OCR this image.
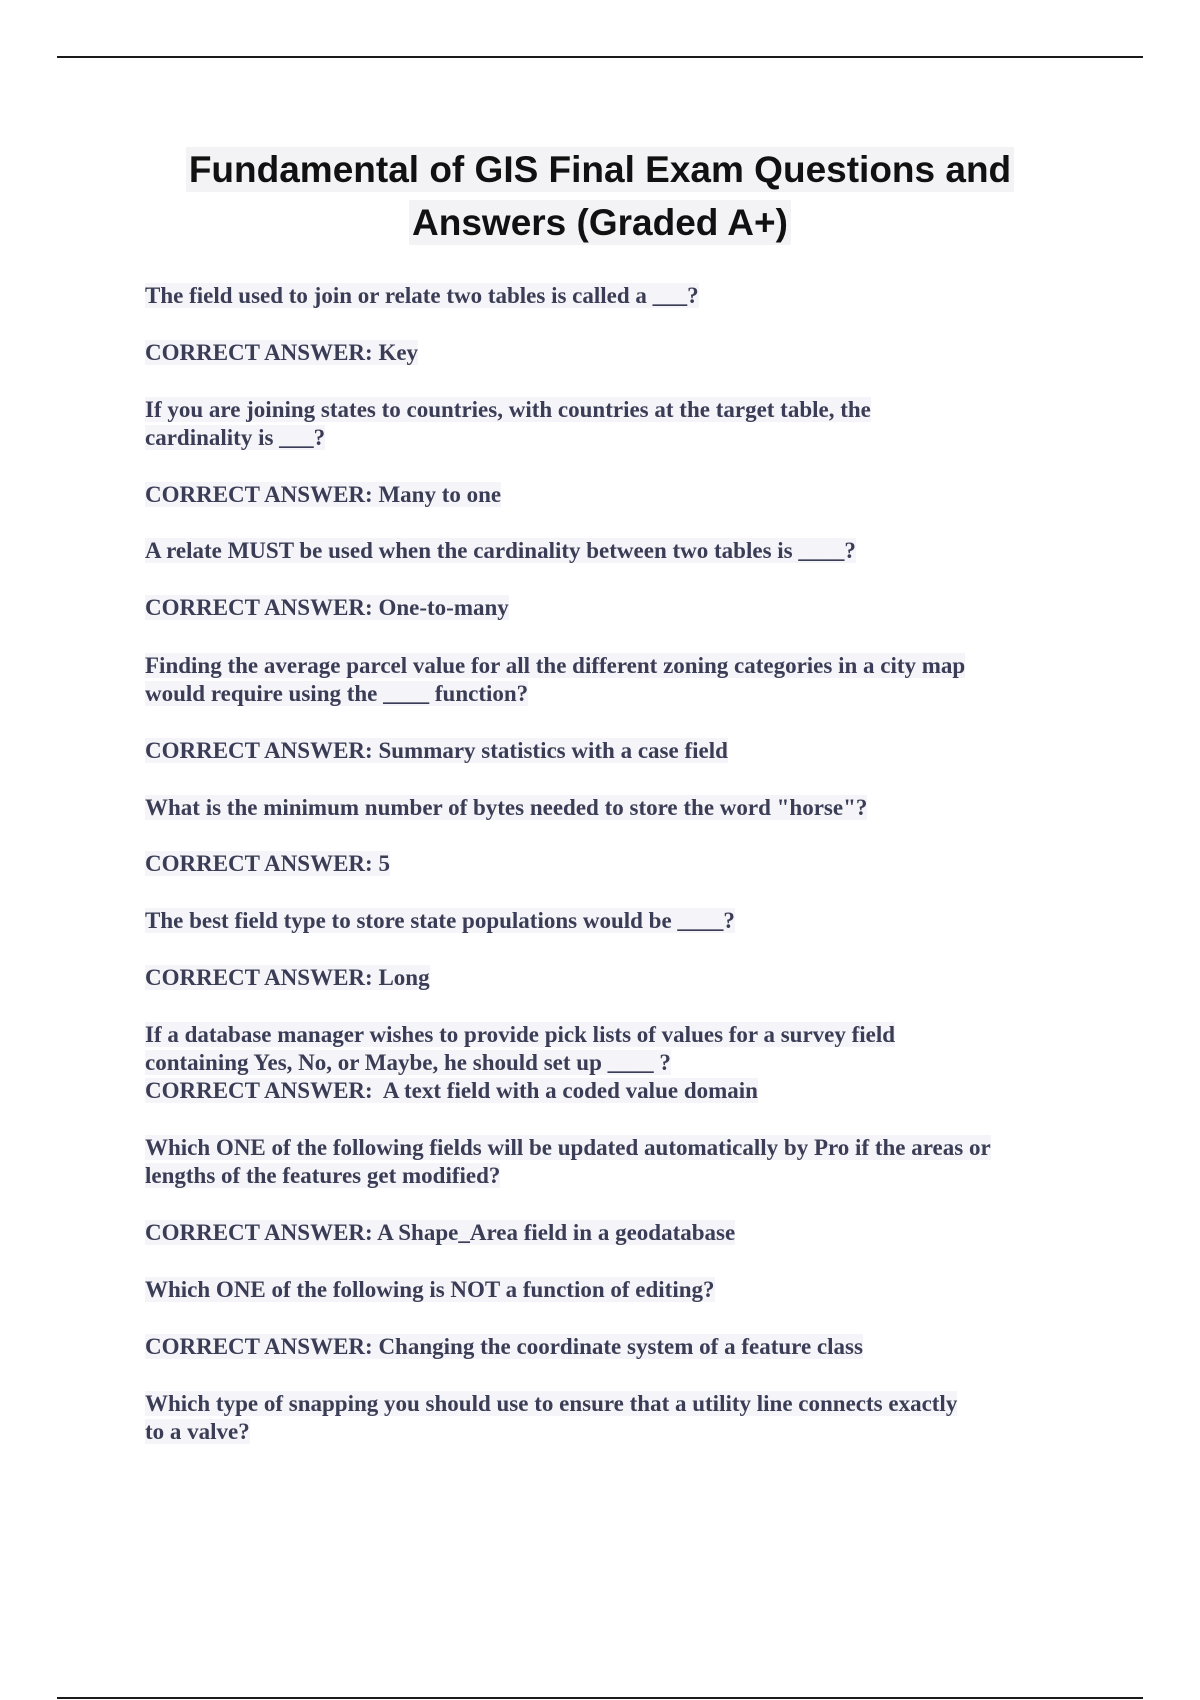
Fundamental of GIS Final Exam Questions and
Answers (Graded A+)

The field used to join or relate two tables is called a ___?

CORRECT ANSWER: Key

If you are joining states to countries, with countries at the target table, the
cardinality is ___?

CORRECT ANSWER: Many to one

A relate MUST be used when the cardinality between two tables is ____?

CORRECT ANSWER: One-to-many

Finding the average parcel value for all the different zoning categories in a city map
would require using the ____ function?

CORRECT ANSWER: Summary statistics with a case field

What is the minimum number of bytes needed to store the word "horse"?

CORRECT ANSWER: 5

The best field type to store state populations would be ____?

CORRECT ANSWER: Long

If a database manager wishes to provide pick lists of values for a survey field
containing Yes, No, or Maybe, he should set up ____ ?
CORRECT ANSWER:  A text field with a coded value domain

Which ONE of the following fields will be updated automatically by Pro if the areas or
lengths of the features get modified?

CORRECT ANSWER: A Shape_Area field in a geodatabase

Which ONE of the following is NOT a function of editing?

CORRECT ANSWER: Changing the coordinate system of a feature class

Which type of snapping you should use to ensure that a utility line connects exactly
to a valve?
